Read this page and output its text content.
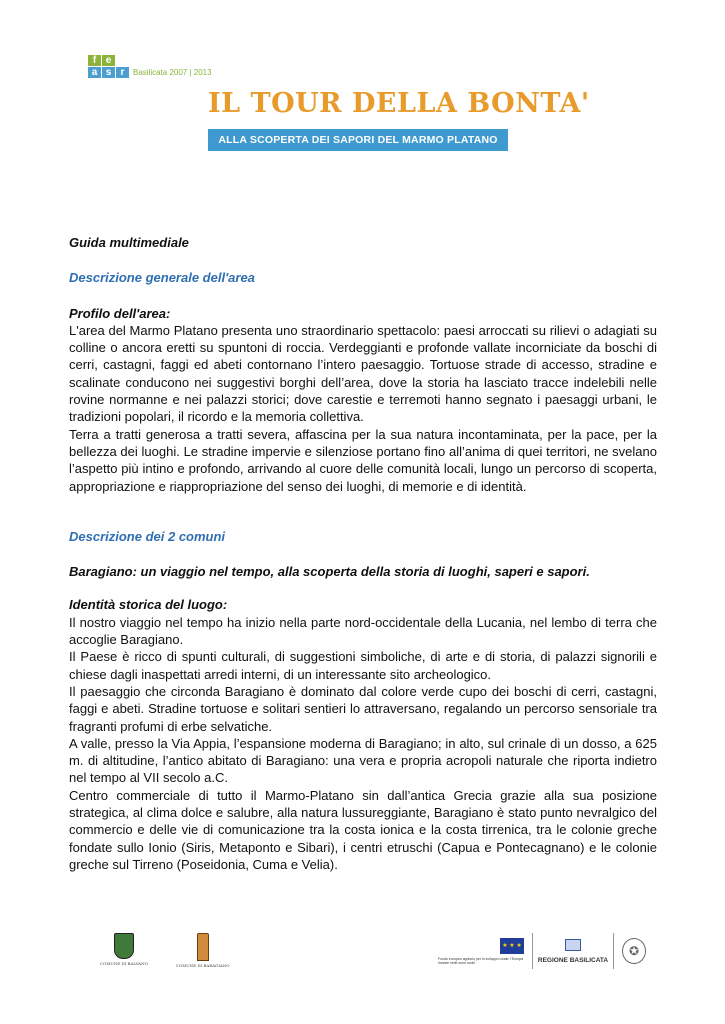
f e
a s r	Basilicata 2007 | 2013
IL TOUR DELLA BONTA'
ALLA SCOPERTA DEI SAPORI DEL MARMO PLATANO

Guida multimediale

Descrizione generale dell'area

Profilo dell'area:

L'area del Marmo Platano presenta uno straordinario spettacolo: paesi arroccati su rilievi o adagiati su colline o ancora eretti su spuntoni di roccia. Verdeggianti e profonde vallate incorniciate da boschi di cerri, castagni, faggi ed abeti contornano l’intero paesaggio. Tortuose strade di accesso, stradine e scalinate conducono nei suggestivi borghi dell’area, dove la storia ha lasciato tracce indelebili nelle rovine normanne e nei palazzi storici; dove carestie e terremoti hanno segnato i paesaggi urbani, le tradizioni popolari, il ricordo e la memoria collettiva.

Terra a tratti generosa a tratti severa, affascina per la sua natura incontaminata, per la pace, per la bellezza dei luoghi. Le stradine impervie e silenziose portano fino all’anima di quei territori, ne svelano l’aspetto più intino e profondo, arrivando al cuore delle comunità locali, lungo un percorso di scoperta, appropriazione e riappropriazione del senso dei luoghi, di memorie e di identità.

Descrizione dei 2 comuni

Baragiano: un viaggio nel tempo, alla scoperta della storia di luoghi, saperi e sapori.

Identità storica del luogo:

Il nostro viaggio nel tempo ha inizio nella parte nord-occidentale della Lucania, nel lembo di terra che accoglie Baragiano.

Il Paese è ricco di spunti culturali, di suggestioni simboliche, di arte e di storia, di palazzi signorili e chiese dagli inaspettati arredi interni, di un interessante sito archeologico.

Il paesaggio che circonda Baragiano è dominato dal colore verde cupo dei boschi di cerri, castagni, faggi e abeti. Stradine tortuose e solitari sentieri lo attraversano, regalando un percorso sensoriale tra fragranti profumi di erbe selvatiche.

A valle, presso la Via Appia, l’espansione moderna di Baragiano; in alto, sul crinale di un dosso, a 625 m. di altitudine, l’antico abitato di Baragiano: una vera e propria acropoli naturale che riporta indietro nel tempo al VII secolo a.C.

Centro commerciale di tutto il Marmo-Platano sin dall’antica Grecia grazie alla sua posizione strategica, al clima dolce e salubre, alla natura lussureggiante, Baragiano è stato punto nevralgico del commercio e delle vie di comunicazione tra la costa ionica e la costa tirrenica, tra le colonie greche fondate sullo Ionio (Siris, Metaponto e Sibari), i centri etruschi (Capua e Pontecagnano) e le colonie greche sul Tirreno (Poseidonia, Cuma e Velia).

COMUNE DI BALVANO	COMUNE DI BARAGIANO
★ ★ ★
Fondo europeo agricolo per lo sviluppo rurale: l'Europa investe nelle zone rurali	REGIONE BASILICATA
✪
